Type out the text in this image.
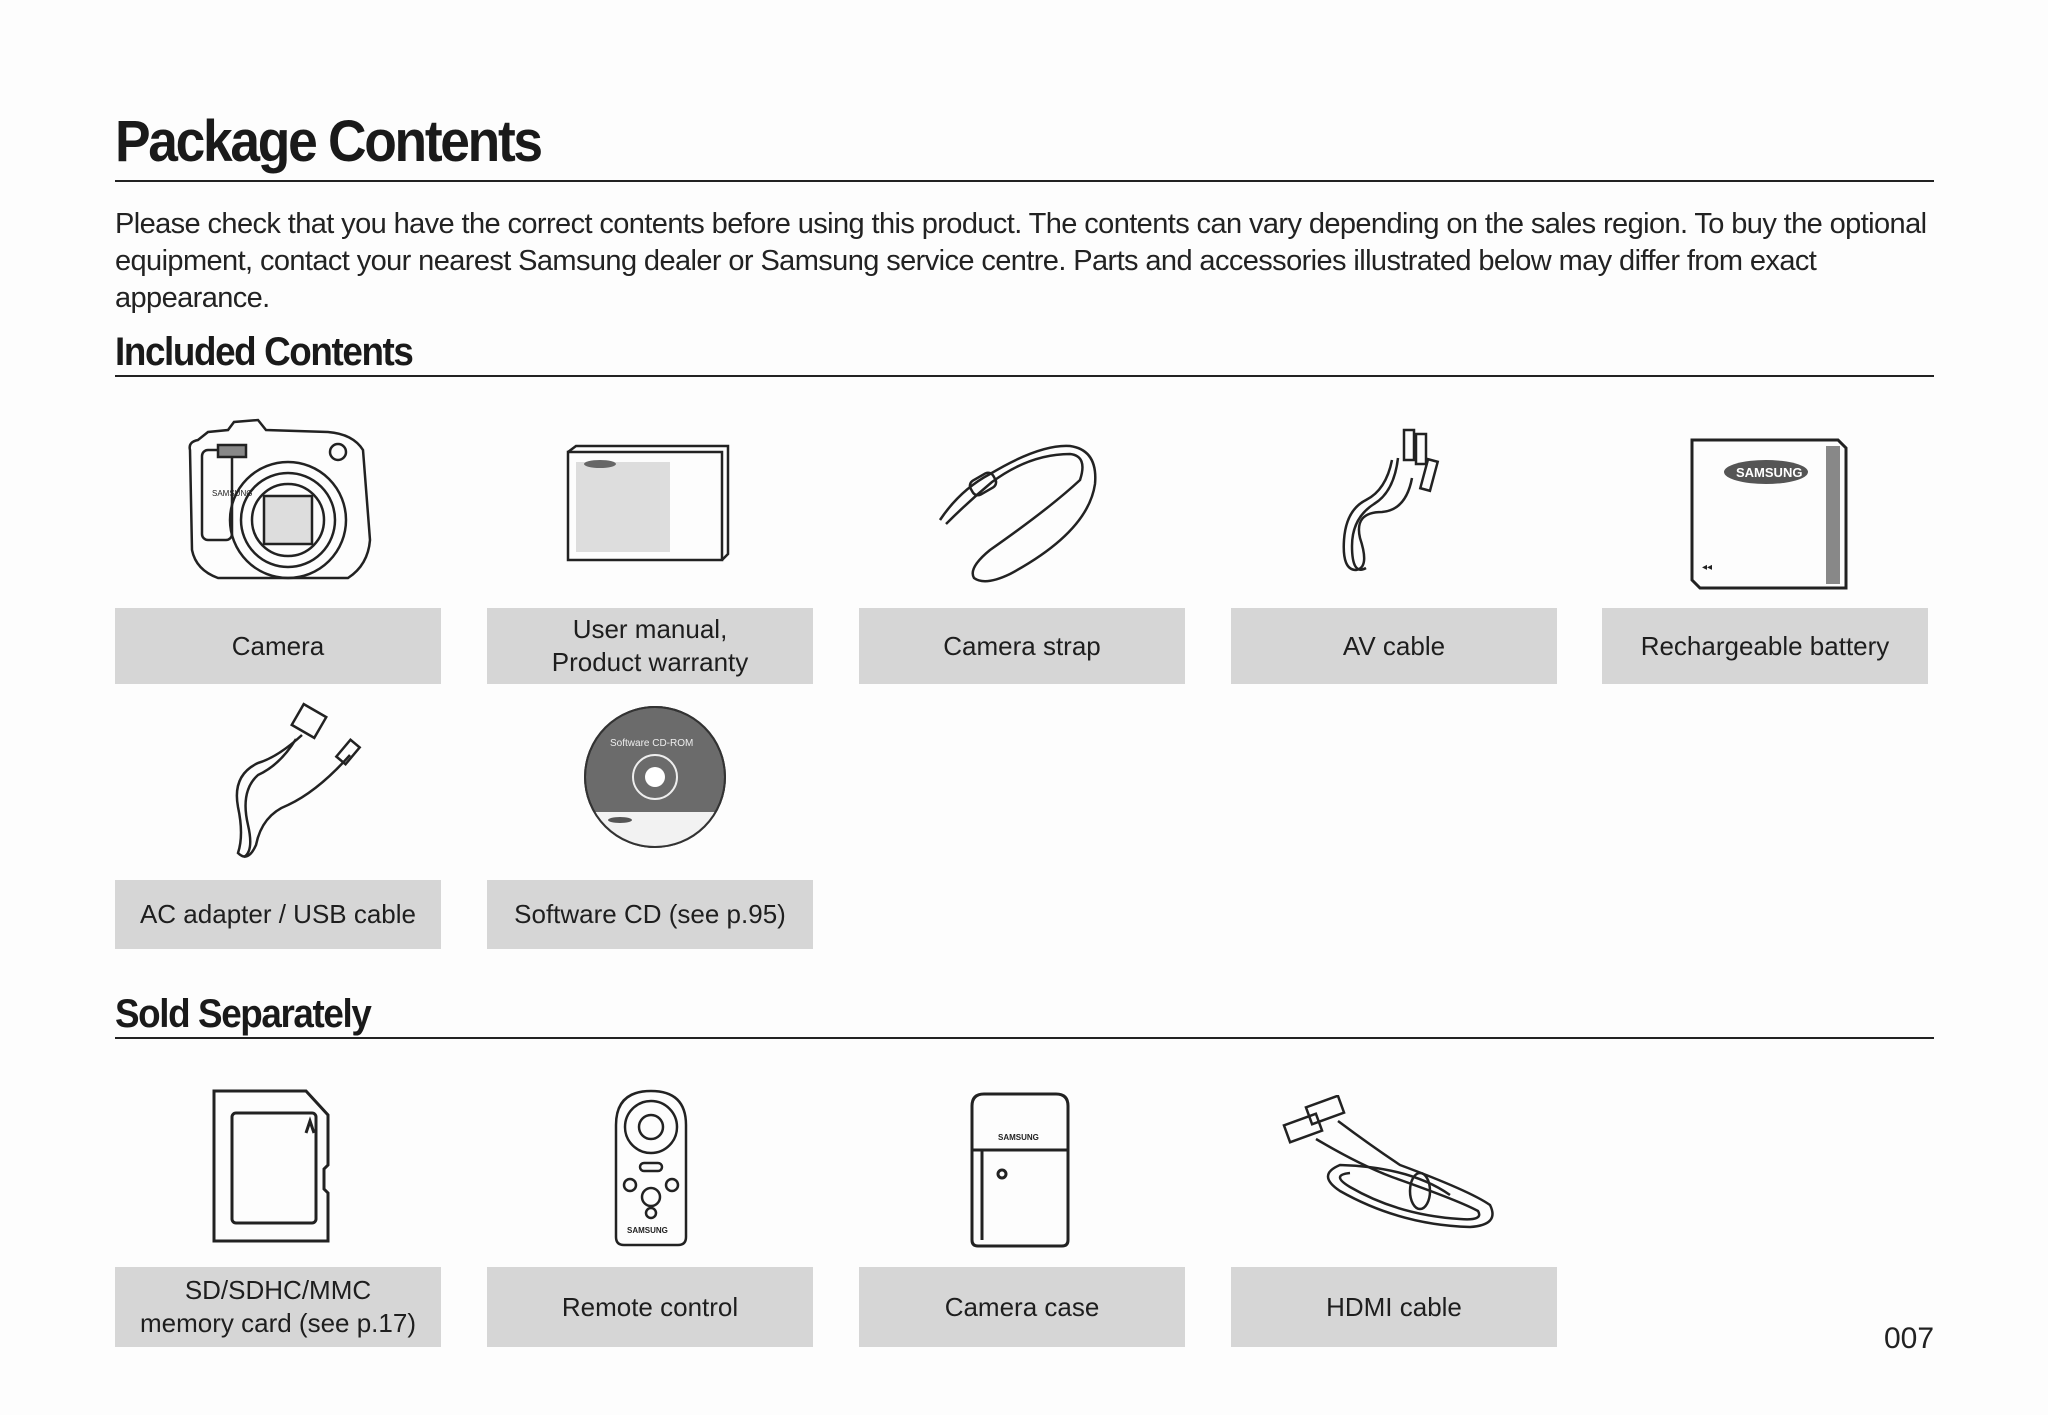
Package Contents
Please check that you have the correct contents before using this product. The contents can vary depending on the sales region. To buy the optional equipment, contact your nearest Samsung dealer or Samsung service centre. Parts and accessories illustrated below may differ from exact appearance.
Included Contents
SAMSUNG
SAMSUNG
◂◂
Camera
User manual,
Product warranty
Camera strap	AV cable	Rechargeable battery
Software CD-ROM
AC adapter / USB cable	Software CD (see p.95)
Sold Separately
SAMSUNG
SAMSUNG
SD/SDHC/MMC
memory card (see p.17)
Remote control	Camera case	HDMI cable
007
